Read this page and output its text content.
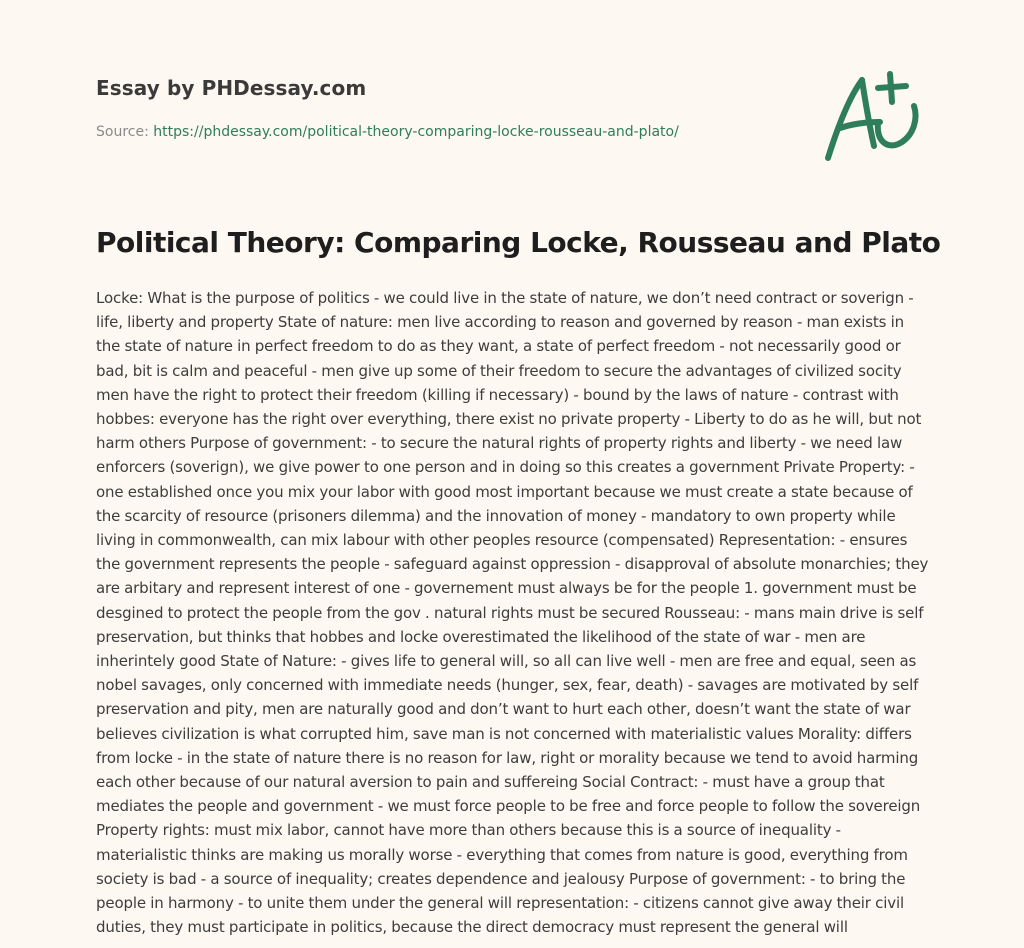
Essay by PHDessay.com
Source: https://phdessay.com/political-theory-comparing-locke-rousseau-and-plato/
Political Theory: Comparing Locke, Rousseau and Plato

Locke: What is the purpose of politics - we could live in the state of nature, we don’t need contract or soverign - life, liberty and property State of nature: men live according to reason and governed by reason - man exists in the state of nature in perfect freedom to do as they want, a state of perfect freedom - not necessarily good or bad, bit is calm and peaceful - men give up some of their freedom to secure the advantages of civilized socity men have the right to protect their freedom (killing if necessary) - bound by the laws of nature - contrast with hobbes: everyone has the right over everything, there exist no private property - Liberty to do as he will, but not harm others Purpose of government: - to secure the natural rights of property rights and liberty - we need law enforcers (soverign), we give power to one person and in doing so this creates a government Private Property: - one established once you mix your labor with good most important because we must create a state because of the scarcity of resource (prisoners dilemma) and the innovation of money - mandatory to own property while living in commonwealth, can mix labour with other peoples resource (compensated) Representation: - ensures the government represents the people - safeguard against oppression - disapproval of absolute monarchies; they are arbitary and represent interest of one - governement must always be for the people 1. government must be desgined to protect the people from the gov . natural rights must be secured Rousseau: - mans main drive is self preservation, but thinks that hobbes and locke overestimated the likelihood of the state of war - men are inherintely good State of Nature: - gives life to general will, so all can live well - men are free and equal, seen as nobel savages, only concerned with immediate needs (hunger, sex, fear, death) - savages are motivated by self preservation and pity, men are naturally good and don’t want to hurt each other, doesn’t want the state of war believes civilization is what corrupted him, save man is not concerned with materialistic values Morality: differs from locke - in the state of nature there is no reason for law, right or morality because we tend to avoid harming each other because of our natural aversion to pain and suffereing Social Contract: - must have a group that mediates the people and government - we must force people to be free and force people to follow the sovereign Property rights: must mix labor, cannot have more than others because this is a source of inequality - materialistic thinks are making us morally worse - everything that comes from nature is good, everything from society is bad - a source of inequality; creates dependence and jealousy Purpose of government: - to bring the people in harmony - to unite them under the general will representation: - citizens cannot give away their civil duties, they must participate in politics, because the direct democracy must represent the general will
